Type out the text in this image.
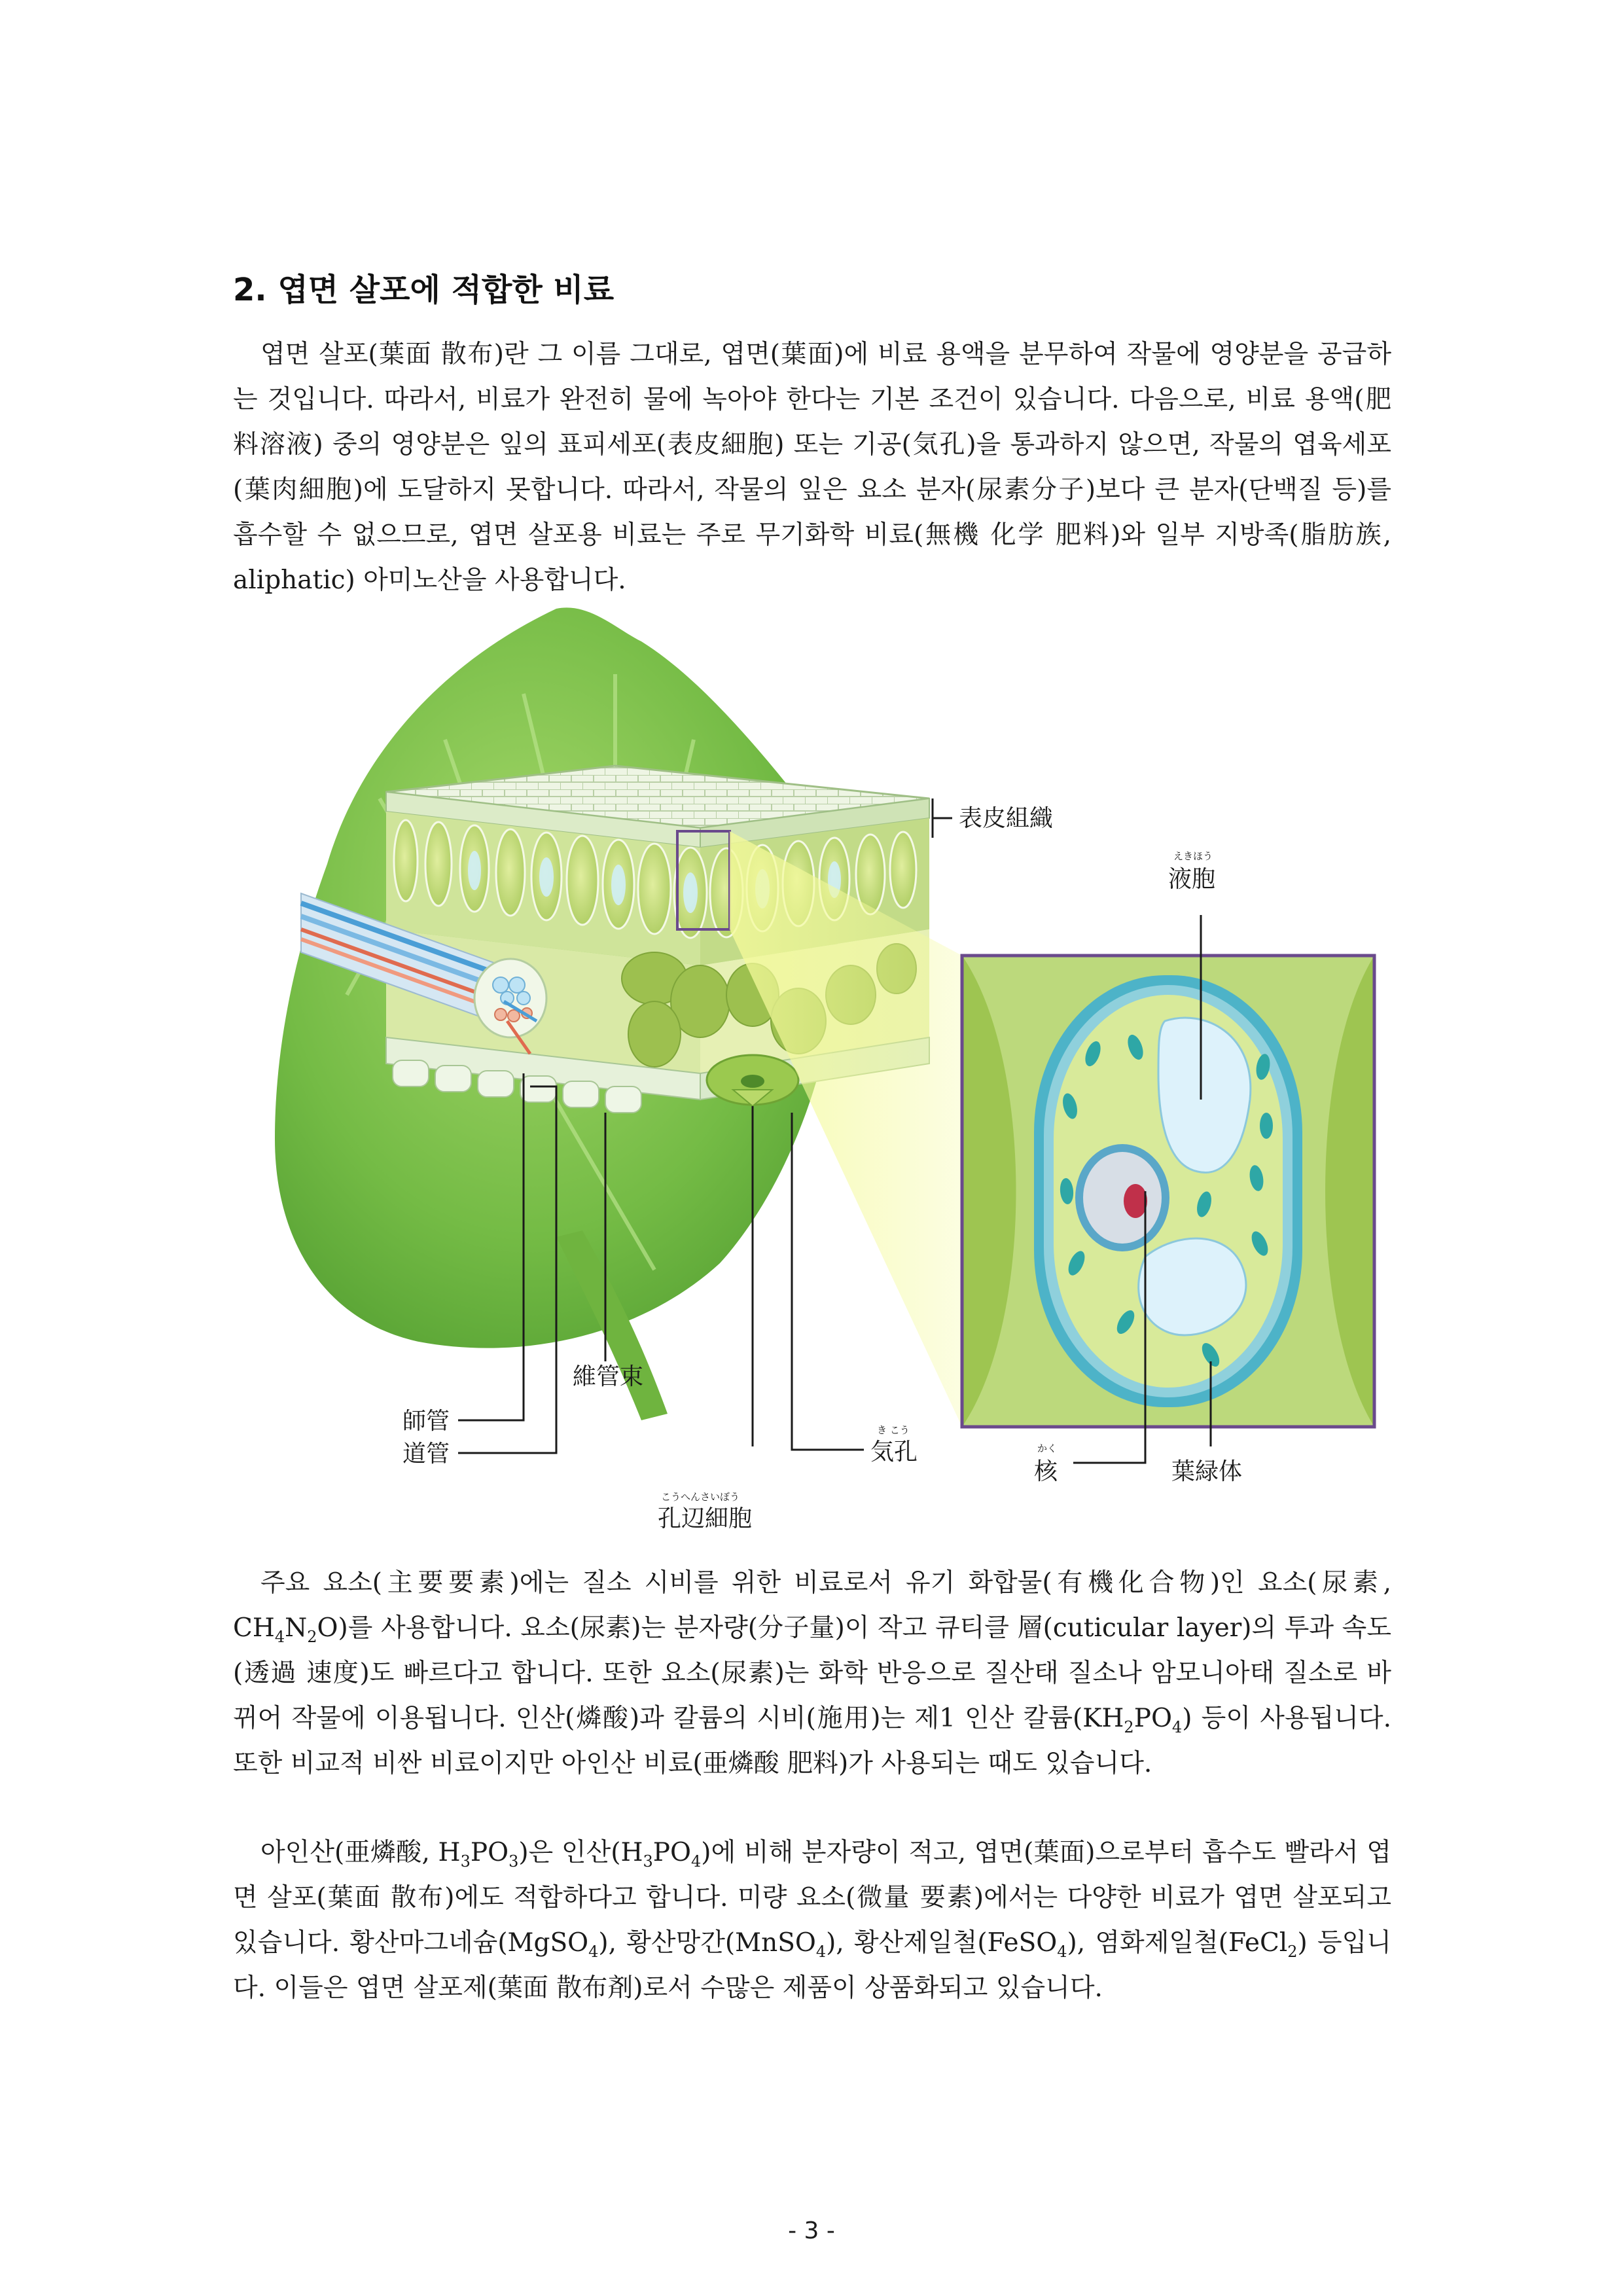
2. 엽면 살포에 적합한 비료

엽면 살포(葉面 散布)란 그 이름 그대로, 엽면(葉面)에 비료 용액을 분무하여 작물에 영양분을 공급하는 것입니다. 따라서, 비료가 완전히 물에 녹아야 한다는 기본 조건이 있습니다. 다음으로, 비료 용액(肥料溶液) 중의 영양분은 잎의 표피세포(表皮細胞) 또는 기공(気孔)을 통과하지 않으면, 작물의 엽육세포(葉肉細胞)에 도달하지 못합니다. 따라서, 작물의 잎은 요소 분자(尿素分子)보다 큰 분자(단백질 등)를 흡수할 수 없으므로, 엽면 살포용 비료는 주로 무기화학 비료(無機 化学 肥料)와 일부 지방족(脂肪族, aliphatic) 아미노산을 사용합니다.

表皮組織
えきほう
液胞
維管束
師管
道管
き こう
気孔
こうへんさいぼう
孔辺細胞
かく
核	葉緑体

주요 요소(主要要素)에는 질소 시비를 위한 비료로서 유기 화합물(有機化合物)인 요소(尿素, $CH_4N_2O$)를 사용합니다. 요소(尿素)는 분자량(分子量)이 작고 큐티클 層(cuticular layer)의 투과 속도(透過 速度)도 빠르다고 합니다. 또한 요소(尿素)는 화학 반응으로 질산태 질소나 암모니아태 질소로 바뀌어 작물에 이용됩니다. 인산(燐酸)과 칼륨의 시비(施用)는 제1 인산 칼륨$(KH_2PO_4)$ 등이 사용됩니다. 또한 비교적 비싼 비료이지만 아인산 비료(亜燐酸 肥料)가 사용되는 때도 있습니다.

아인산(亜燐酸, $H_3PO_3$)은 인산$(H_3PO_4)$에 비해 분자량이 적고, 엽면(葉面)으로부터 흡수도 빨라서 엽면 살포(葉面 散布)에도 적합하다고 합니다. 미량 요소(微量 要素)에서는 다양한 비료가 엽면 살포되고 있습니다. 황산마그네슘(MgSO$_4$), 황산망간(MnSO$_4$), 황산제일철(FeSO$_4$), 염화제일철(FeCl$_2$) 등입니다. 이들은 엽면 살포제(葉面 散布剤)로서 수많은 제품이 상품화되고 있습니다.

- 3 -
